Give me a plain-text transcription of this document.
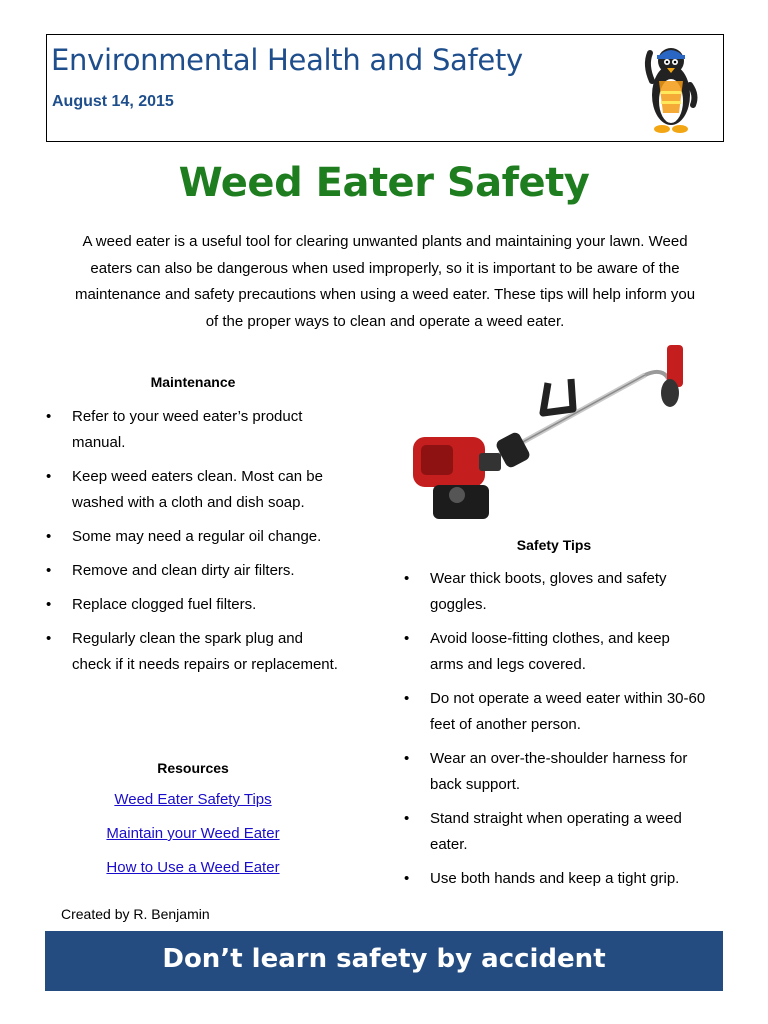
Environmental Health and Safety
August 14, 2015
Weed Eater Safety
A weed eater is a useful tool for clearing unwanted plants and maintaining your lawn. Weed eaters can also be dangerous when used improperly, so it is important to be aware of the maintenance and safety precautions when using a weed eater. These tips will help inform you of the proper ways to clean and operate a weed eater.
Maintenance
• Refer to your weed eater’s product manual.
• Keep weed eaters clean. Most can be washed with a cloth and dish soap.
• Some may need a regular oil change.
• Remove and clean dirty air filters.
• Replace clogged fuel filters.
• Regularly clean the spark plug and check if it needs repairs or replacement.
Safety Tips
• Wear thick boots, gloves and safety goggles.
• Avoid loose-fitting clothes, and keep arms and legs covered.
• Do not operate a weed eater within 30-60 feet of another person.
• Wear an over-the-shoulder harness for back support.
• Stand straight when operating a weed eater.
• Use both hands and keep a tight grip.
Resources
Weed Eater Safety Tips
Maintain your Weed Eater
How to Use a Weed Eater
Created by R. Benjamin
Don’t learn safety by accident
